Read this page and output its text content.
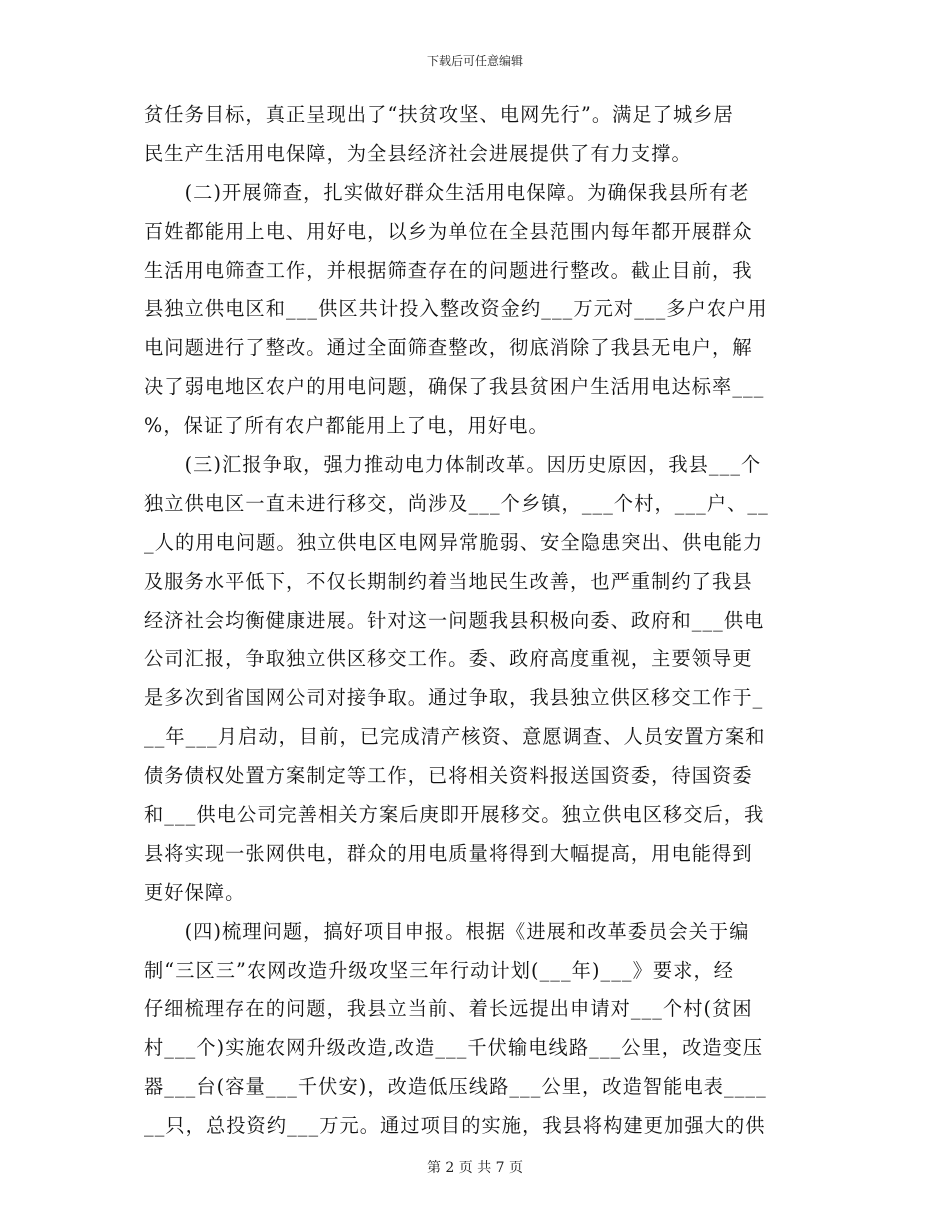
下载后可任意编辑
贫任务目标，真正呈现出了“扶贫攻坚、电网先行”。满足了城乡居
民生产生活用电保障，为全县经济社会进展提供了有力支撑。
　　(二)开展筛查，扎实做好群众生活用电保障。为确保我县所有老
百姓都能用上电、用好电，以乡为单位在全县范围内每年都开展群众
生活用电筛查工作，并根据筛查存在的问题进行整改。截止目前，我
县独立供电区和___供区共计投入整改资金约___万元对___多户农户用
电问题进行了整改。通过全面筛查整改，彻底消除了我县无电户，解
决了弱电地区农户的用电问题，确保了我县贫困户生活用电达标率___
%，保证了所有农户都能用上了电，用好电。
　　(三)汇报争取，强力推动电力体制改革。因历史原因，我县___个
独立供电区一直未进行移交，尚涉及___个乡镇，___个村，___户、__
_人的用电问题。独立供电区电网异常脆弱、安全隐患突出、供电能力
及服务水平低下，不仅长期制约着当地民生改善，也严重制约了我县
经济社会均衡健康进展。针对这一问题我县积极向委、政府和___供电
公司汇报，争取独立供区移交工作。委、政府高度重视，主要领导更
是多次到省国网公司对接争取。通过争取，我县独立供区移交工作于_
__年___月启动，目前，已完成清产核资、意愿调查、人员安置方案和
债务债权处置方案制定等工作，已将相关资料报送国资委，待国资委
和___供电公司完善相关方案后庚即开展移交。独立供电区移交后，我
县将实现一张网供电，群众的用电质量将得到大幅提高，用电能得到
更好保障。
　　(四)梳理问题，搞好项目申报。根据《进展和改革委员会关于编
制“三区三”农网改造升级攻坚三年行动计划(___年)___》要求，经
仔细梳理存在的问题，我县立当前、着长远提出申请对___个村(贫困
村___个)实施农网升级改造,改造___千伏输电线路___公里，改造变压
器___台(容量___千伏安)，改造低压线路___公里，改造智能电表____
__只，总投资约___万元。通过项目的实施，我县将构建更加强大的供
第 2 页 共 7 页
